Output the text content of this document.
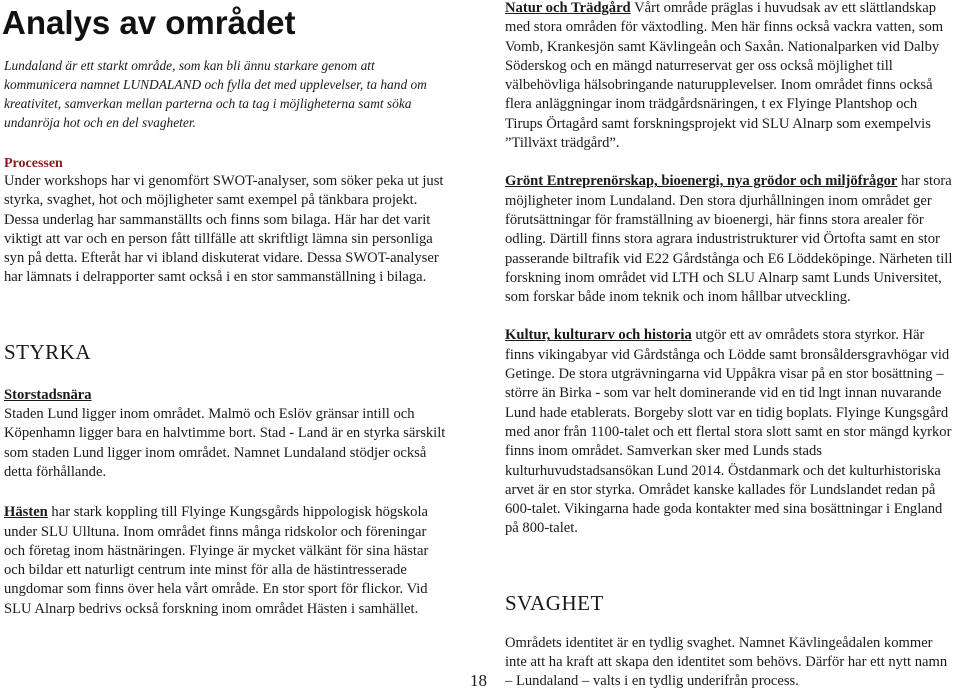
Analys av området
Lundaland är ett starkt område, som kan bli ännu starkare genom att kommunicera namnet LUNDALAND och fylla det med upplevelser, ta hand om kreativitet, samverkan mellan parterna och ta tag i möjligheterna samt söka undanröja hot och en del svagheter.
Processen

Under workshops har vi genomfört SWOT-analyser, som söker peka ut just styrka, svaghet, hot och möjligheter samt exempel på tänkbara projekt. Dessa underlag har sammanställts och finns som bilaga. Här har det varit viktigt att var och en person fått tillfälle att skriftligt lämna sin personliga syn på detta. Efteråt har vi ibland diskuterat vidare. Dessa SWOT-analyser har lämnats i delrapporter samt också i en stor sammanställning i bilaga.

STYRKA

Storstadsnära

Staden Lund ligger inom området. Malmö och Eslöv gränsar intill och Köpenhamn ligger bara en halvtimme bort. Stad - Land är en styrka särskilt som staden Lund ligger inom området. Namnet Lundaland stödjer också detta förhållande.

Hästen har stark koppling till Flyinge Kungsgårds hippologisk högskola under SLU Ulltuna. Inom området finns många ridskolor och föreningar och företag inom hästnäringen. Flyinge är mycket välkänt för sina hästar och bildar ett naturligt centrum inte minst för alla de hästintresserade ungdomar som finns över hela vårt område. En stor sport för flickor. Vid SLU Alnarp bedrivs också forskning inom området Hästen i samhället.

Natur och Trädgård Vårt område präglas i huvudsak av ett slättlandskap med stora områden för växtodling. Men här finns också vackra vatten, som Vomb, Krankesjön samt Kävlingeån och Saxån. Nationalparken vid Dalby Söderskog och en mängd naturreservat ger oss också möjlighet till välbehövliga hälsobringande naturupplevelser. Inom området finns också flera anläggningar inom trädgårdsnäringen, t ex Flyinge Plantshop och Tirups Örtagård samt forskningsprojekt vid SLU Alnarp som exempelvis ”Tillväxt trädgård”.

Grönt Entreprenörskap, bioenergi, nya grödor och miljöfrågor har stora möjligheter inom Lundaland. Den stora djurhållningen inom området ger förutsättningar för framställning av bioenergi, här finns stora arealer för odling. Därtill finns stora agrara industristrukturer vid Örtofta samt en stor passerande biltrafik vid E22 Gårdstånga och E6 Löddeköpinge. Närheten till forskning inom området vid LTH och SLU Alnarp samt Lunds Universitet, som forskar både inom teknik och inom hållbar utveckling.

Kultur, kulturarv och historia utgör ett av områdets stora styrkor. Här finns vikingabyar vid Gårdstånga och Lödde samt bronsåldersgravhögar vid Getinge. De stora utgrävningarna vid Uppåkra visar på en stor bosättning – större än Birka - som var helt dominerande vid en tid lngt innan nuvarande Lund hade etablerats. Borgeby slott var en tidig boplats. Flyinge Kungsgård med anor från 1100-talet och ett flertal stora slott samt en stor mängd kyrkor finns inom området. Samverkan sker med Lunds stads kulturhuvudstadsansökan Lund 2014. Östdanmark och det kulturhistoriska arvet är en stor styrka. Området kanske kallades för Lundslandet redan på 600-talet. Vikingarna hade goda kontakter med sina bosättningar i England på 800-talet.

SVAGHET

Områdets identitet är en tydlig svaghet. Namnet Kävlingeådalen kommer inte att ha kraft att skapa den identitet som behövs. Därför har ett nytt namn – Lundaland – valts i en tydlig underifrån process.

18
